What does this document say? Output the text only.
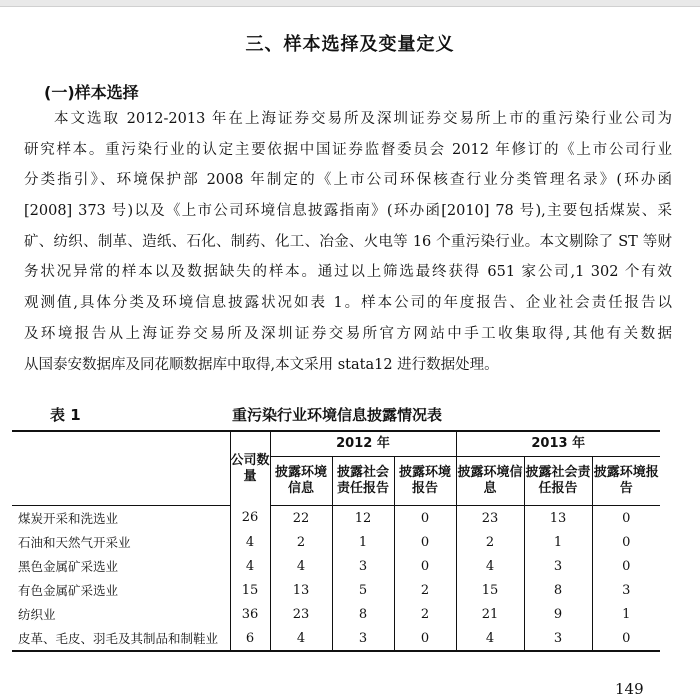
三、样本选择及变量定义
(一)样本选择
本文选取 2012-2013 年在上海证券交易所及深圳证券交易所上市的重污染行业公司为
研究样本。重污染行业的认定主要依据中国证券监督委员会 2012 年修订的《上市公司行业
分类指引》、环境保护部 2008 年制定的《上市公司环保核查行业分类管理名录》(环办函
[2008] 373 号)以及《上市公司环境信息披露指南》(环办函[2010] 78 号),主要包括煤炭、采
矿、纺织、制革、造纸、石化、制药、化工、冶金、火电等 16 个重污染行业。本文剔除了 ST 等财
务状况异常的样本以及数据缺失的样本。通过以上筛选最终获得 651 家公司,1 302 个有效
观测值,具体分类及环境信息披露状况如表 1。样本公司的年度报告、企业社会责任报告以
及环境报告从上海证券交易所及深圳证券交易所官方网站中手工收集取得,其他有关数据
从国泰安数据库及同花顺数据库中取得,本文采用 stata12 进行数据处理。
表 1	重污染行业环境信息披露情况表
	公司数量	2012 年			2013 年		
		披露环境信息	披露社会责任报告	披露环境报告	披露环境信息	披露社会责任报告	披露环境报告
煤炭开采和洗选业	26	22	12	0	23	13	0
石油和天然气开采业	4	2	1	0	2	1	0
黑色金属矿采选业	4	4	3	0	4	3	0
有色金属矿采选业	15	13	5	2	15	8	3
纺织业	36	23	8	2	21	9	1
皮革、毛皮、羽毛及其制品和制鞋业	6	4	3	0	4	3	0
149
